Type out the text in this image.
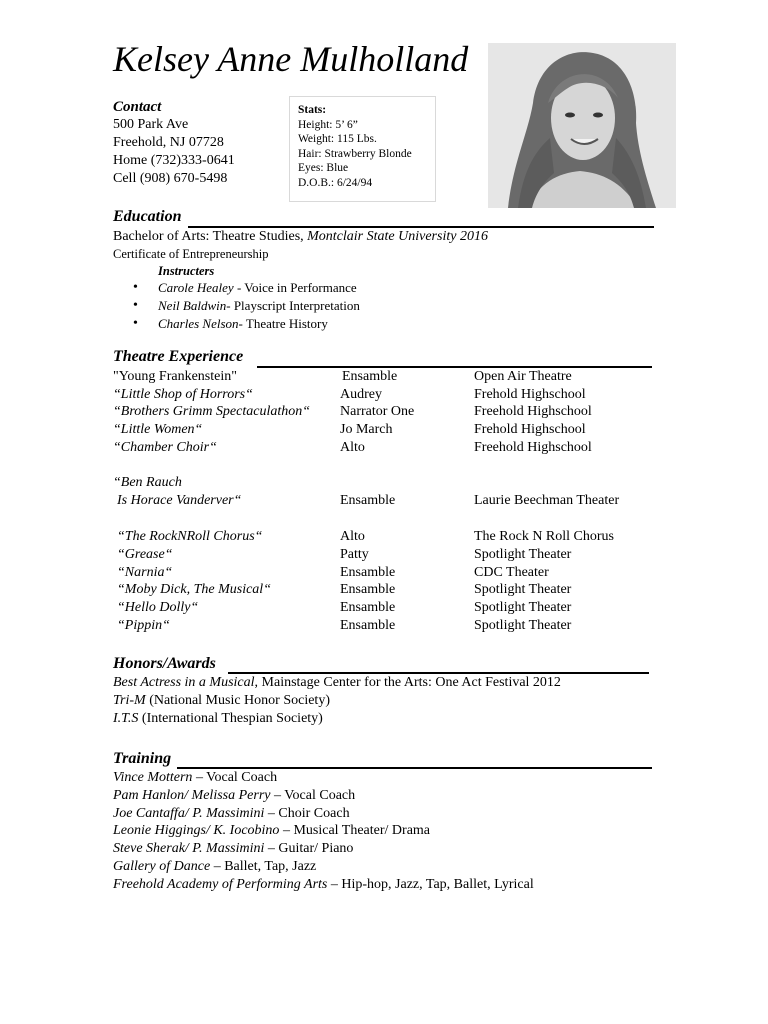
Kelsey Anne Mulholland
Contact
500 Park Ave
Freehold, NJ 07728
Home (732)333-0641
Cell (908) 670-5498
Stats:
Height: 5’ 6”
Weight: 115 Lbs.
Hair: Strawberry Blonde
Eyes: Blue
D.O.B.: 6/24/94
Education
Bachelor of Arts: Theatre Studies, Montclair State University 2016
Certificate of Entrepreneurship
Instructers
• Carole Healey - Voice in Performance
• Neil Baldwin- Playscript Interpretation
• Charles Nelson- Theatre History
Theatre Experience
"Young Frankenstein"	Ensamble	Open Air Theatre
“Little Shop of Horrors“	Audrey	Frehold Highschool
“Brothers Grimm Spectaculathon“ Narrator One	Freehold Highschool
“Little Women“	Jo March	Frehold Highschool
“Chamber Choir“	Alto	Freehold Highschool
“Ben Rauch
Is Horace Vanderver“	Ensamble	Laurie Beechman Theater
“The RockNRoll Chorus“	Alto	The Rock N Roll Chorus
“Grease“	Patty	Spotlight Theater
“Narnia“	Ensamble	CDC Theater
“Moby Dick, The Musical“	Ensamble	Spotlight Theater
“Hello Dolly“	Ensamble	Spotlight Theater
“Pippin“	Ensamble	Spotlight Theater
Honors/Awards
Best Actress in a Musical, Mainstage Center for the Arts: One Act Festival 2012
Tri-M (National Music Honor Society)
I.T.S (International Thespian Society)
Training
Vince Mottern – Vocal Coach
Pam Hanlon/ Melissa Perry – Vocal Coach
Joe Cantaffa/ P. Massimini – Choir Coach
Leonie Higgings/ K. Iocobino – Musical Theater/ Drama
Steve Sherak/ P. Massimini – Guitar/ Piano
Gallery of Dance – Ballet, Tap, Jazz
Freehold Academy of Performing Arts – Hip-hop, Jazz, Tap, Ballet, Lyrical
